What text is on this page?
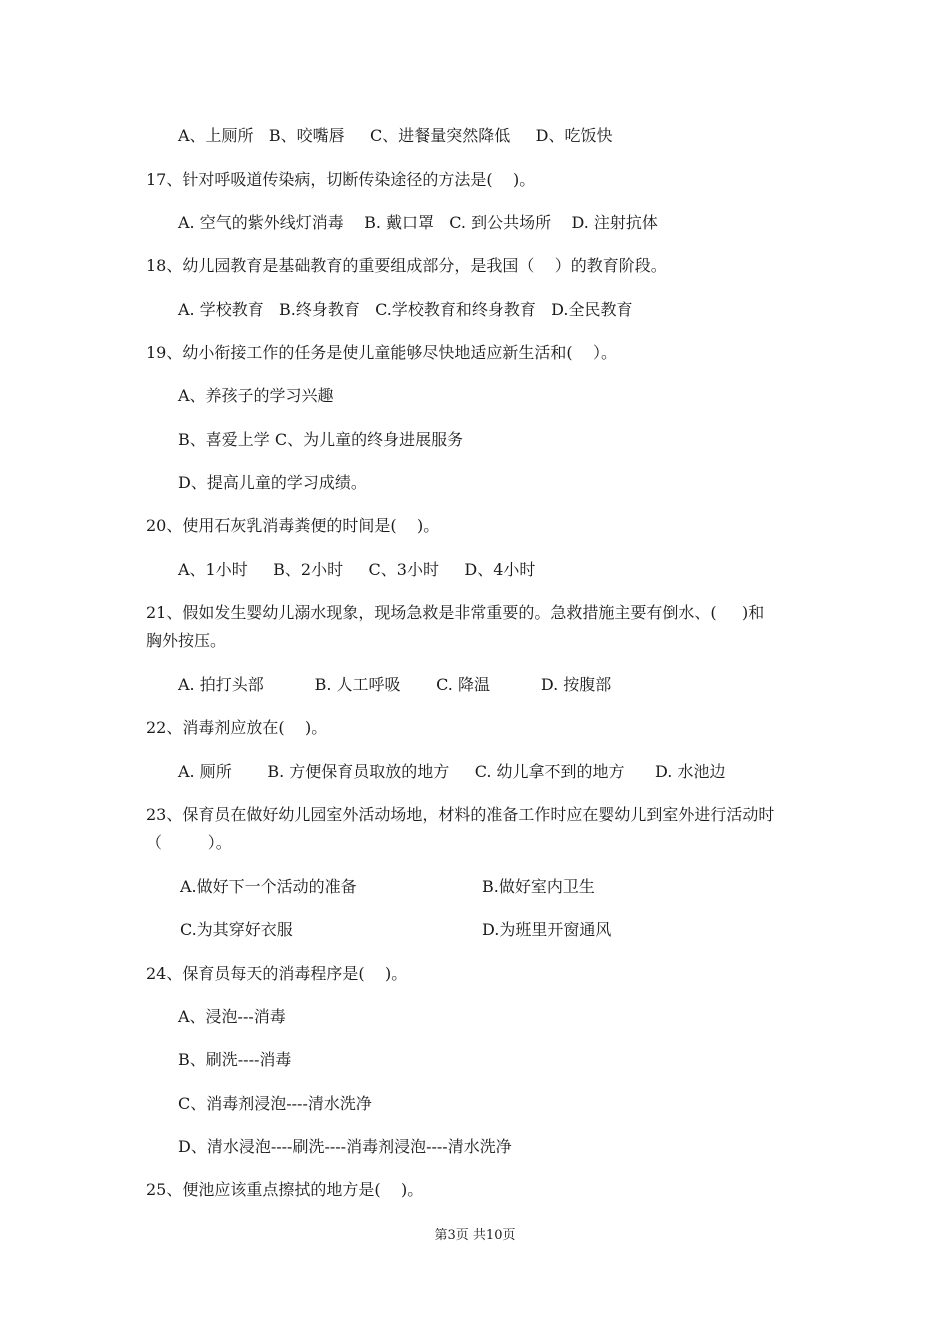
A、上厕所   B、咬嘴唇     C、进餐量突然降低     D、吃饭快
17、针对呼吸道传染病，切断传染途径的方法是(    )。
A. 空气的紫外线灯消毒    B. 戴口罩   C. 到公共场所    D. 注射抗体
18、幼儿园教育是基础教育的重要组成部分，是我国（    ）的教育阶段。
A. 学校教育   B.终身教育   C.学校教育和终身教育   D.全民教育
19、幼小衔接工作的任务是使儿童能够尽快地适应新生活和(    ）。
A、养孩子的学习兴趣
B、喜爱上学 C、为儿童的终身进展服务
D、提高儿童的学习成绩。
20、使用石灰乳消毒粪便的时间是(    )。
A、1小时     B、2小时     C、3小时     D、4小时
21、假如发生婴幼儿溺水现象，现场急救是非常重要的。急救措施主要有倒水、(     )和
胸外按压。
A. 拍打头部          B. 人工呼吸       C. 降温          D. 按腹部
22、消毒剂应放在(    )。
A. 厕所       B. 方便保育员取放的地方     C. 幼儿拿不到的地方      D. 水池边
23、保育员在做好幼儿园室外活动场地，材料的准备工作时应在婴幼儿到室外进行活动时
（         ）。
A.做好下一个活动的准备	B.做好室内卫生
C.为其穿好衣服	D.为班里开窗通风
24、保育员每天的消毒程序是(    )。
A、浸泡---消毒
B、刷洗----消毒
C、消毒剂浸泡----清水洗净
D、清水浸泡----刷洗----消毒剂浸泡----清水洗净
25、便池应该重点擦拭的地方是(    )。
第3页 共10页
